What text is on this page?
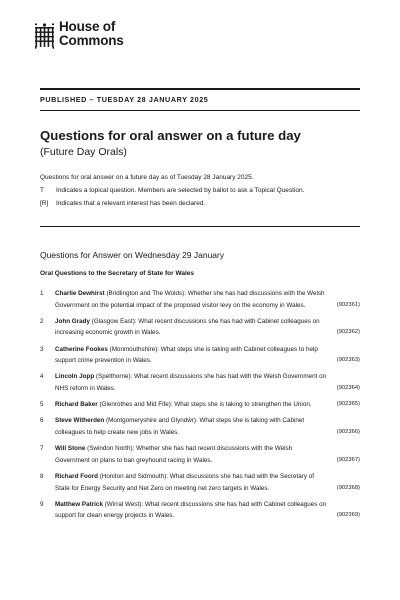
House of
Commons
PUBLISHED – TUESDAY 28 JANUARY 2025
Questions for oral answer on a future day
(Future Day Orals)
Questions for oral answer on a future day as of Tuesday 28 January 2025.
T	Indicates a topical question. Members are selected by ballot to ask a Topical Question.
[R]	Indicates that a relevant interest has been declared.
Questions for Answer on Wednesday 29 January
Oral Questions to the Secretary of State for Wales
1	Charlie Dewhirst (Bridlington and The Wolds): Whether she has had discussions with the Welsh Government on the potential impact of the proposed visitor levy on the economy in Wales.	(902361)
2	John Grady (Glasgow East): What recent discussions she has had with Cabinet colleagues on increasing economic growth in Wales.	(902362)
3	Catherine Fookes (Monmouthshire): What steps she is taking with Cabinet colleagues to help support crime prevention in Wales.	(902363)
4	Lincoln Jopp (Spelthorne): What recent discussions she has had with the Welsh Government on NHS reform in Wales.	(902364)
5	Richard Baker (Glenrothes and Mid Fife): What steps she is taking to strengthen the Union.	(902365)
6	Steve Witherden (Montgomeryshire and Glyndŵr): What steps she is taking with Cabinet colleagues to help create new jobs in Wales.	(902366)
7	Will Stone (Swindon North): Whether she has had recent discussions with the Welsh Government on plans to ban greyhound racing in Wales.	(902367)
8	Richard Foord (Honiton and Sidmouth): What discussions she has had with the Secretary of State for Energy Security and Net Zero on meeting net zero targets in Wales.	(902368)
9	Matthew Patrick (Wirral West): What recent discussions she has had with Cabinet colleagues on support for clean energy projects in Wales.	(902369)
